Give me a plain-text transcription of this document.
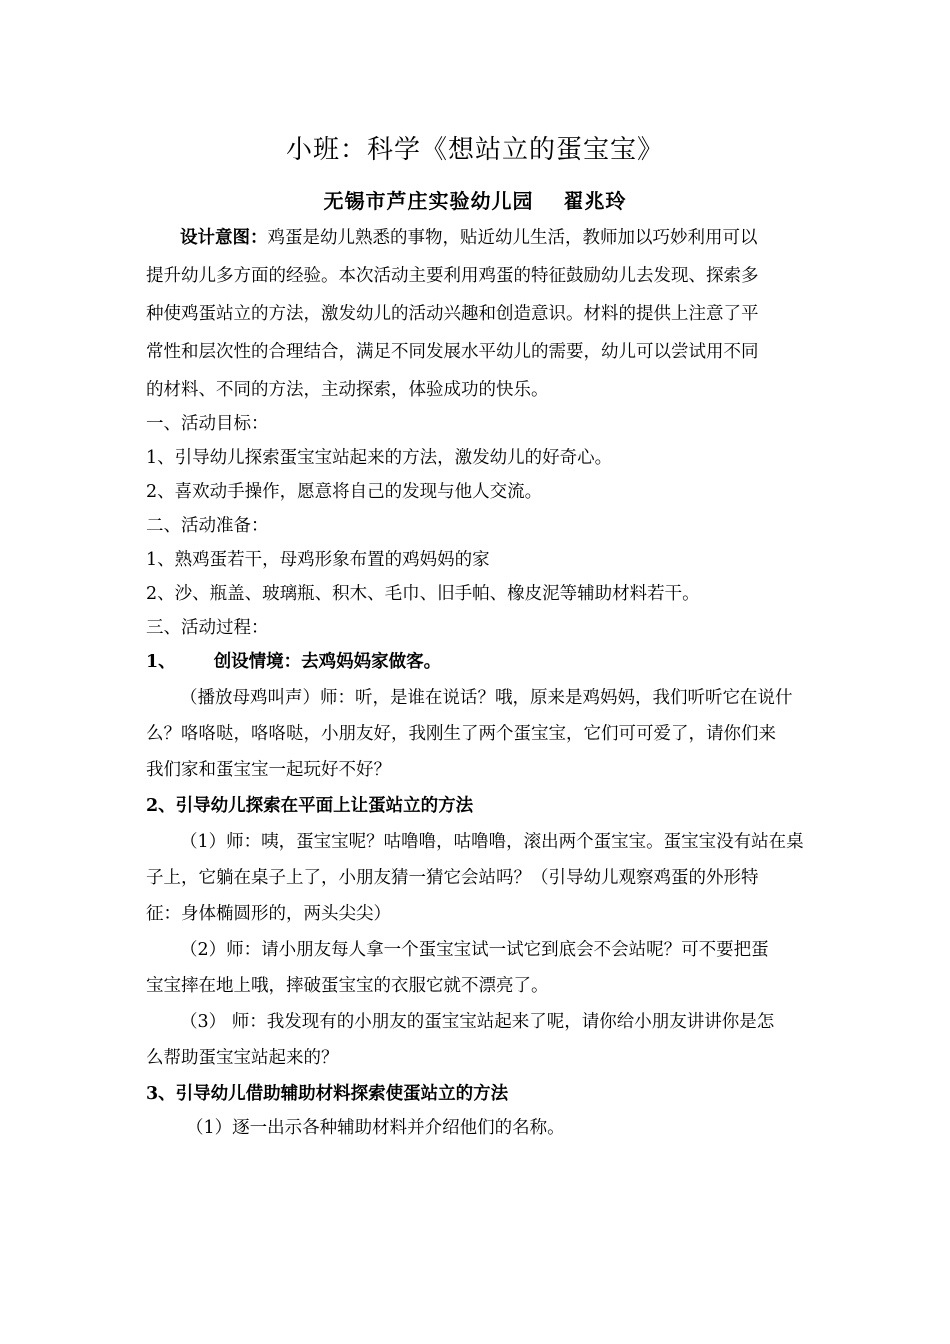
小班：科学《想站立的蛋宝宝》
无锡市芦庄实验幼儿园 翟兆玲
设计意图：鸡蛋是幼儿熟悉的事物，贴近幼儿生活，教师加以巧妙利用可以
提升幼儿多方面的经验。本次活动主要利用鸡蛋的特征鼓励幼儿去发现、探索多
种使鸡蛋站立的方法，激发幼儿的活动兴趣和创造意识。材料的提供上注意了平
常性和层次性的合理结合，满足不同发展水平幼儿的需要，幼儿可以尝试用不同
的材料、不同的方法，主动探索，体验成功的快乐。
一、活动目标：
1、引导幼儿探索蛋宝宝站起来的方法，激发幼儿的好奇心。
2、喜欢动手操作，愿意将自己的发现与他人交流。
二、活动准备：
1、熟鸡蛋若干，母鸡形象布置的鸡妈妈的家
2、沙、瓶盖、玻璃瓶、积木、毛巾、旧手帕、橡皮泥等辅助材料若干。
三、活动过程：
1、 创设情境：去鸡妈妈家做客。
（播放母鸡叫声）师：听，是谁在说话？哦，原来是鸡妈妈，我们听听它在说什
么？咯咯哒，咯咯哒，小朋友好，我刚生了两个蛋宝宝，它们可可爱了，请你们来
我们家和蛋宝宝一起玩好不好？
2、引导幼儿探索在平面上让蛋站立的方法
（1）师：咦，蛋宝宝呢？咕噜噜，咕噜噜，滚出两个蛋宝宝。蛋宝宝没有站在桌
子上，它躺在桌子上了，小朋友猜一猜它会站吗？（引导幼儿观察鸡蛋的外形特
征：身体椭圆形的，两头尖尖）
（2）师：请小朋友每人拿一个蛋宝宝试一试它到底会不会站呢？可不要把蛋
宝宝摔在地上哦，摔破蛋宝宝的衣服它就不漂亮了。
（3） 师：我发现有的小朋友的蛋宝宝站起来了呢，请你给小朋友讲讲你是怎
么帮助蛋宝宝站起来的？
3、引导幼儿借助辅助材料探索使蛋站立的方法
（1）逐一出示各种辅助材料并介绍他们的名称。
